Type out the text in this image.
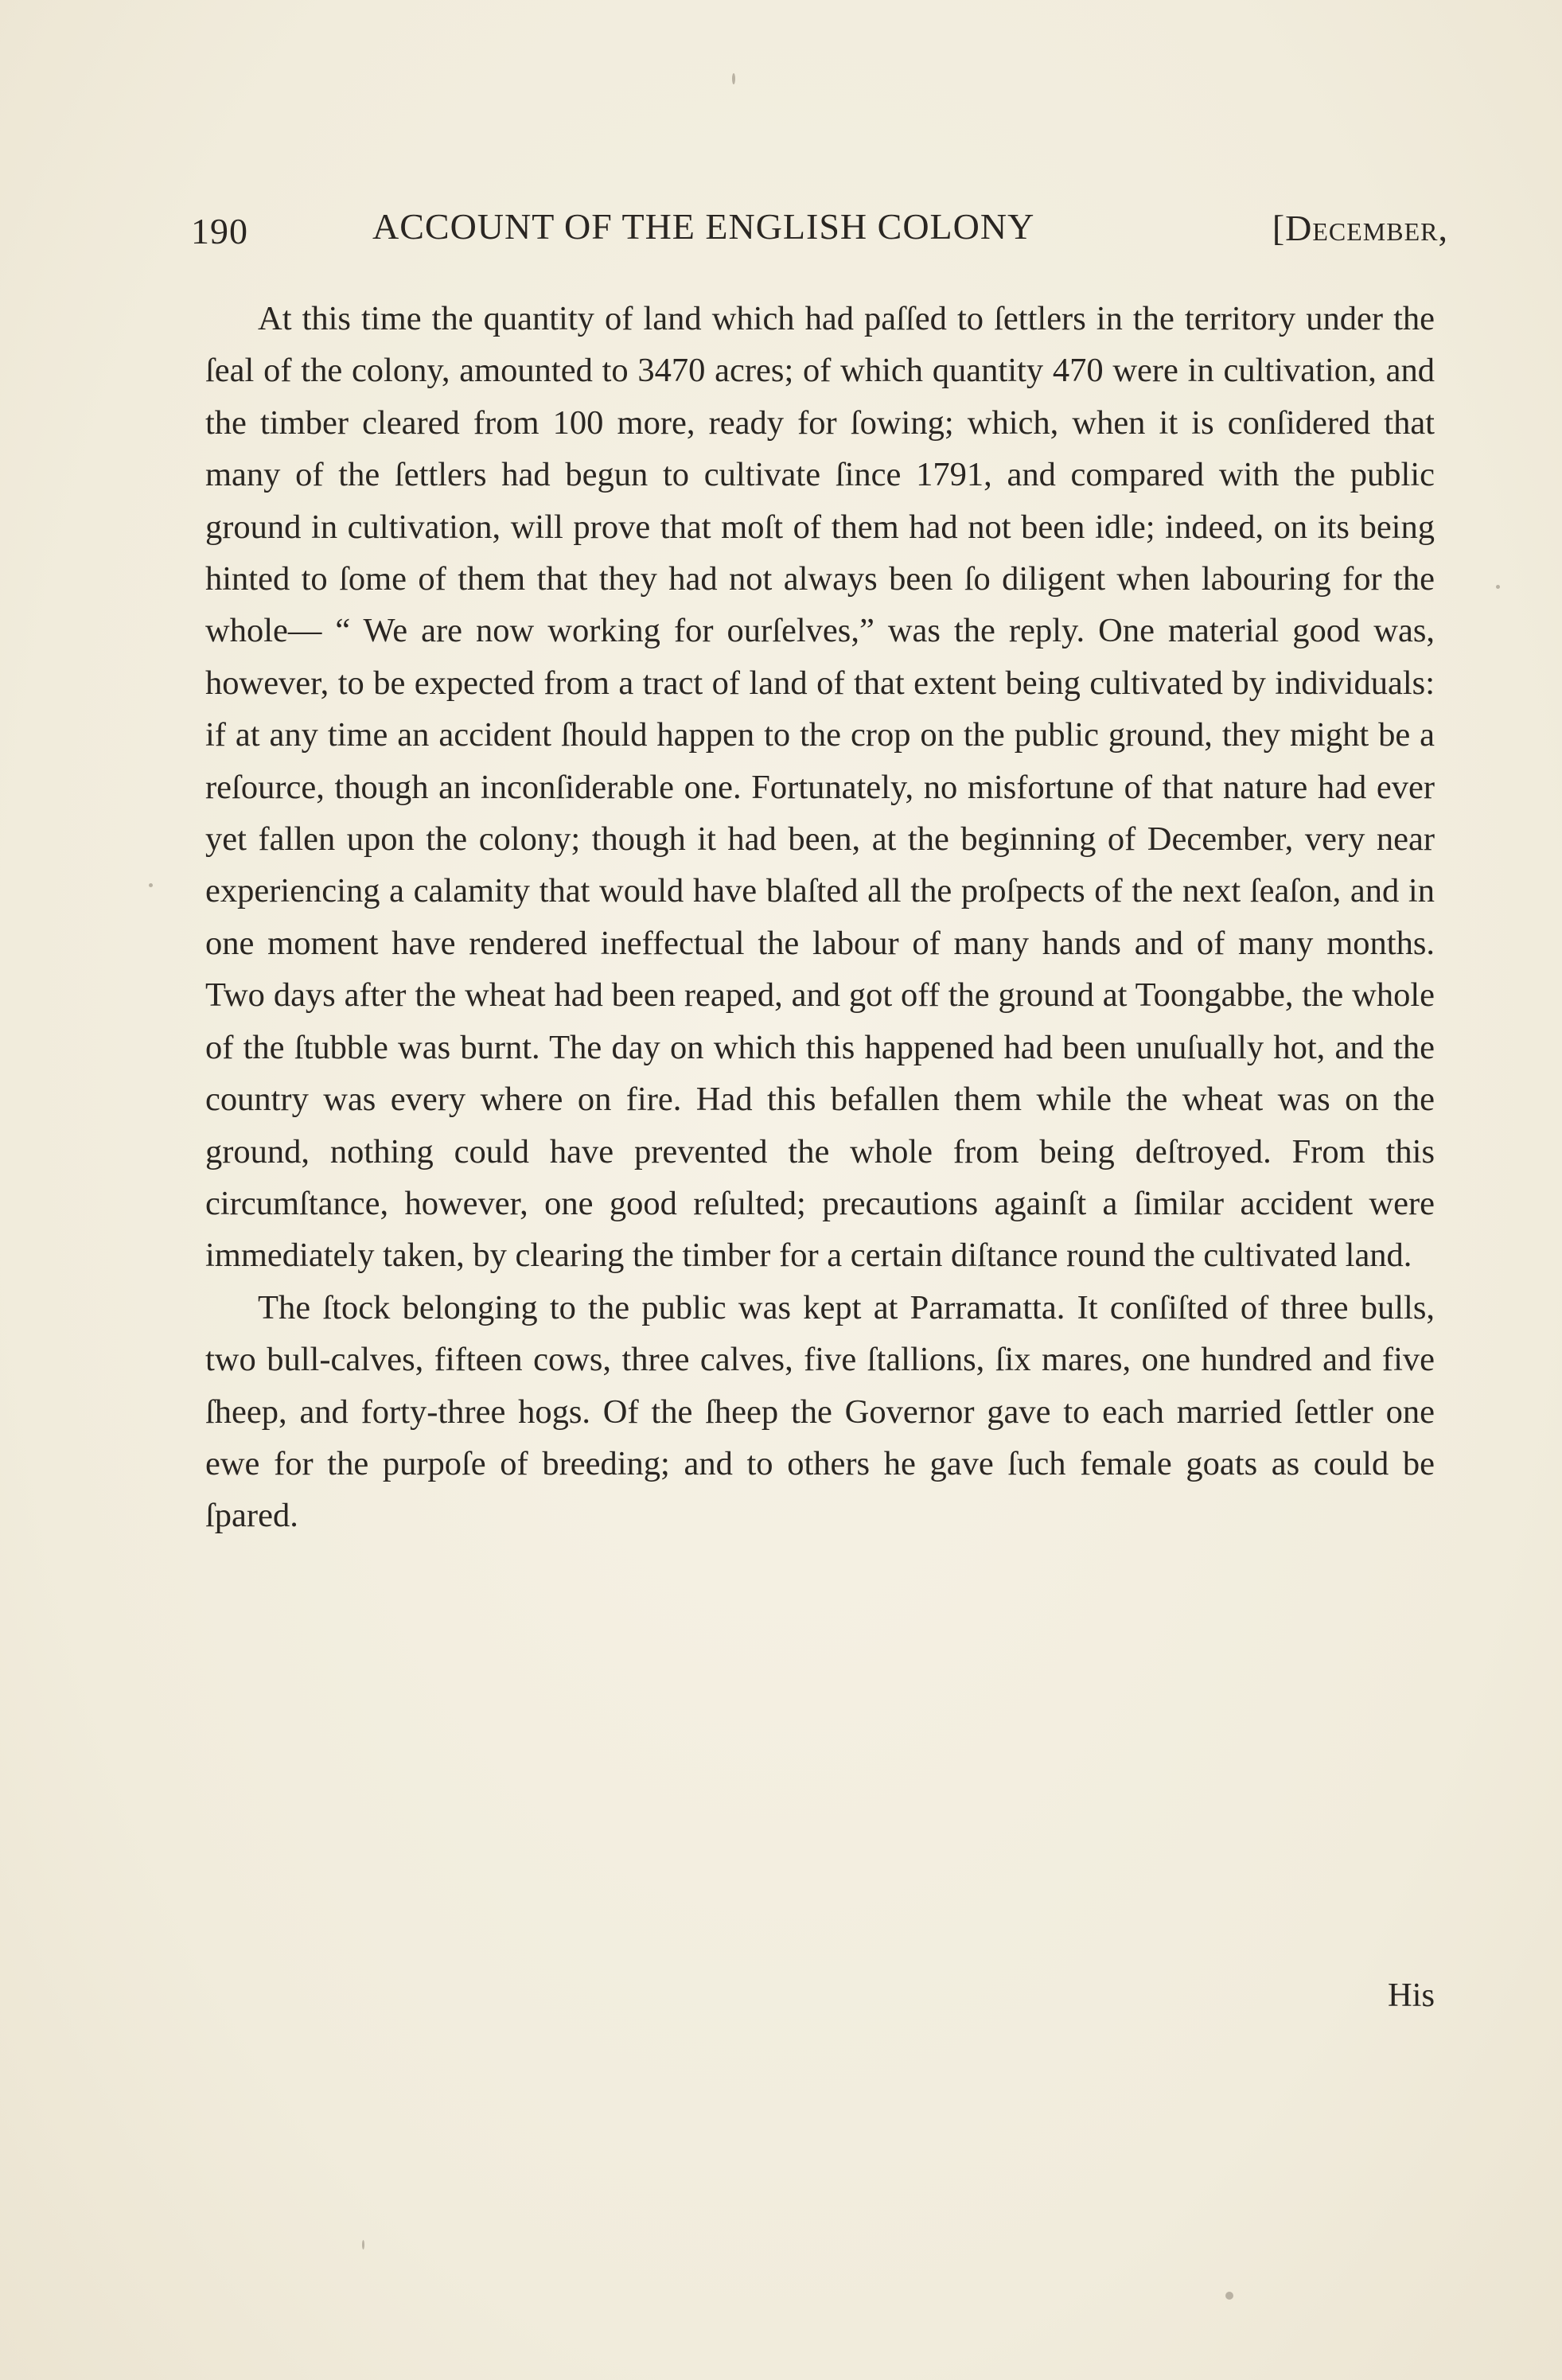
190	ACCOUNT OF THE ENGLISH COLONY	[December,

At this time the quantity of land which had paſſed to ſettlers in the territory under the ſeal of the colony, amounted to 3470 acres; of which quantity 470 were in cultivation, and the timber cleared from 100 more, ready for ſowing; which, when it is conſidered that many of the ſettlers had begun to cultivate ſince 1791, and compared with the public ground in cultivation, will prove that moſt of them had not been idle; indeed, on its being hinted to ſome of them that they had not always been ſo diligent when labouring for the whole— “ We are now working for ourſelves,” was the reply. One material good was, however, to be expected from a tract of land of that extent being cultivated by individuals: if at any time an accident ſhould happen to the crop on the public ground, they might be a reſource, though an inconſiderable one. Fortunately, no misfortune of that nature had ever yet fallen upon the colony; though it had been, at the beginning of December, very near experiencing a calamity that would have blaſted all the proſpects of the next ſeaſon, and in one moment have rendered ineffectual the labour of many hands and of many months. Two days after the wheat had been reaped, and got off the ground at Toongabbe, the whole of the ſtubble was burnt. The day on which this happened had been unuſually hot, and the country was every where on fire. Had this befallen them while the wheat was on the ground, nothing could have prevented the whole from being deſtroyed. From this circumſtance, however, one good reſulted; precautions againſt a ſimilar accident were immediately taken, by clearing the timber for a certain diſtance round the cultivated land.

The ſtock belonging to the public was kept at Parramatta. It conſiſted of three bulls, two bull-calves, fifteen cows, three calves, five ſtallions, ſix mares, one hundred and five ſheep, and forty-three hogs. Of the ſheep the Governor gave to each married ſettler one ewe for the purpoſe of breeding; and to others he gave ſuch female goats as could be ſpared.

His
